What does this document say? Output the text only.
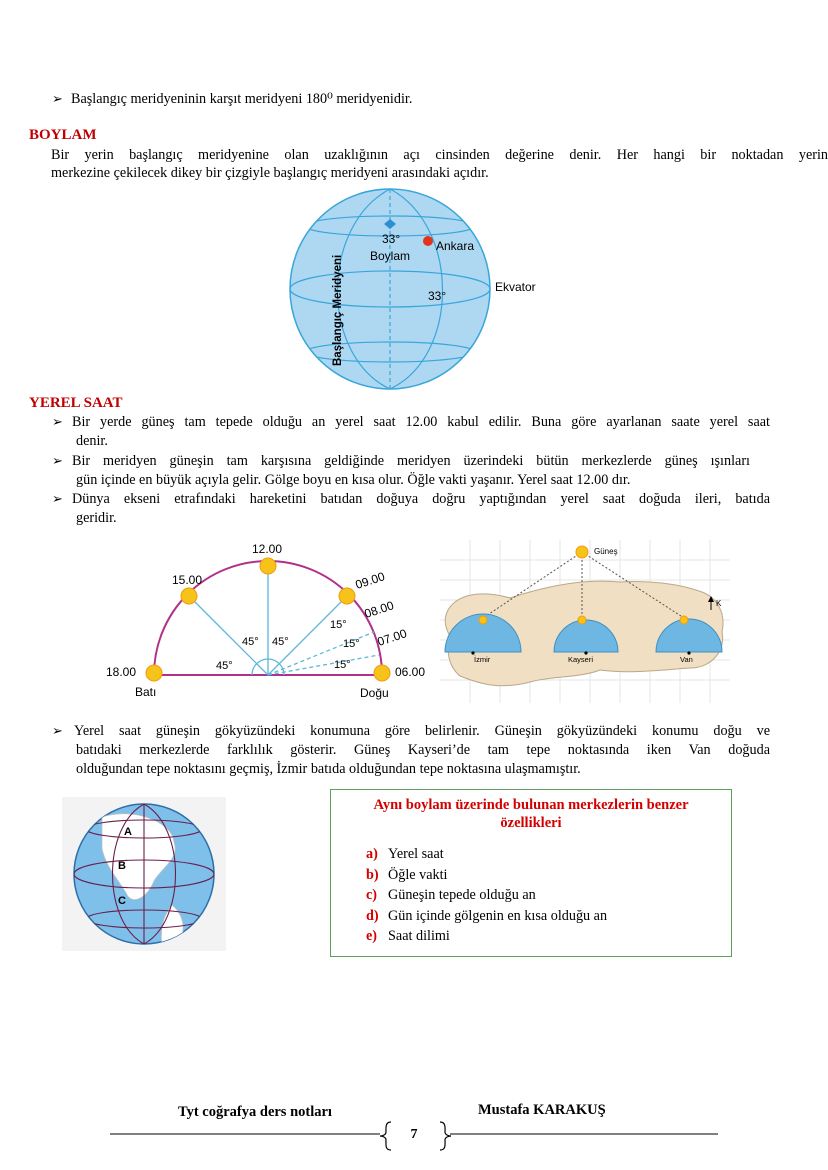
➢ Başlangıç meridyeninin karşıt meridyeni 180⁰ meridyenidir.
BOYLAM
Bir yerin başlangıç meridyenine olan uzaklığının açı cinsinden değerine denir. Her hangi bir noktadan yerin
merkezine çekilecek dikey bir çizgiyle başlangıç meridyeni arasındaki açıdır.
33°
Boylam
Ankara
33°
Ekvator
Başlangıç Meridyeni
YEREL SAAT
➢ Bir yerde güneş tam tepede olduğu an yerel saat 12.00 kabul edilir. Buna göre ayarlanan saate yerel saat
denir.
➢ Bir meridyen güneşin tam karşısına geldiğinde meridyen üzerindeki bütün merkezlerde güneş ışınları
gün içinde en büyük açıyla gelir. Gölge boyu en kısa olur. Öğle vakti yaşanır. Yerel saat 12.00 dır.
➢ Dünya ekseni etrafındaki hareketini batıdan doğuya doğru yaptığından yerel saat doğuda ileri, batıda
geridir.
12.00
15.00	09.00
08.00
07.00
06.00
18.00	45°
45° 45°
15°
15°
15°
Batı	Doğu
Güneş
İzmir	Kayseri	Van
K
➢ Yerel saat güneşin gökyüzündeki konumuna göre belirlenir. Güneşin gökyüzündeki konumu doğu ve
batıdaki merkezlerde farklılık gösterir. Güneş Kayseri’de tam tepe noktasında iken Van doğuda
olduğundan tepe noktasını geçmiş, İzmir batıda olduğundan tepe noktasına ulaşmamıştır.
A
B
C
Aynı boylam üzerinde bulunan merkezlerin benzer
özellikleri
a) Yerel saat
b) Öğle vakti
c) Güneşin tepede olduğu an
d) Gün içinde gölgenin en kısa olduğu an
e) Saat dilimi
Tyt coğrafya ders notları	Mustafa KARAKUŞ
7
